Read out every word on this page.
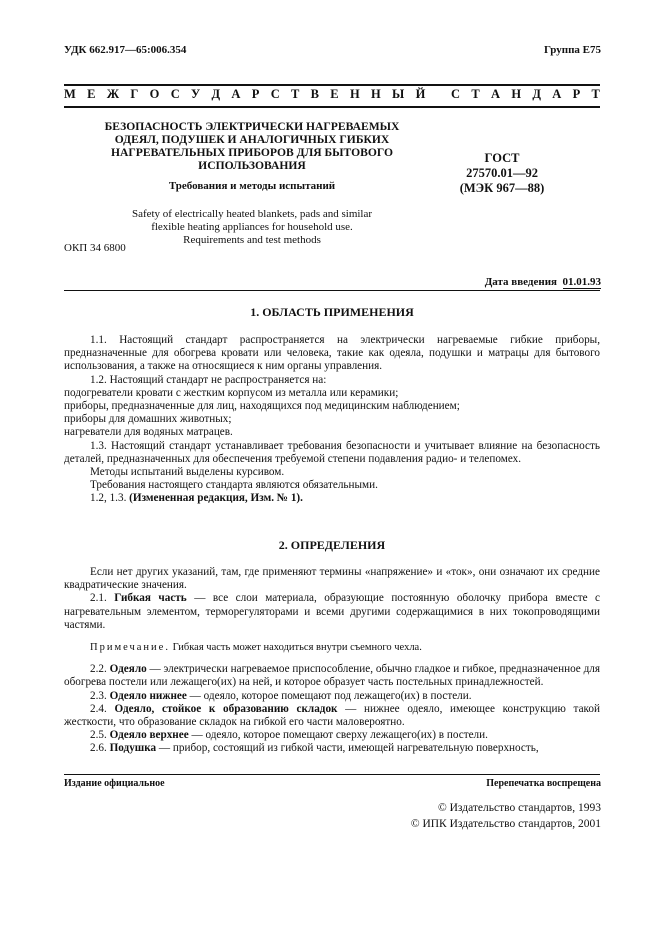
УДК 662.917—65:006.354	Группа Е75
М Е Ж Г О С У Д А Р С Т В Е Н Н Ы Й
С Т А Н Д А Р Т
БЕЗОПАСНОСТЬ ЭЛЕКТРИЧЕСКИ НАГРЕВАЕМЫХ
ОДЕЯЛ, ПОДУШЕК И АНАЛОГИЧНЫХ ГИБКИХ
НАГРЕВАТЕЛЬНЫХ ПРИБОРОВ ДЛЯ БЫТОВОГО
ИСПОЛЬЗОВАНИЯ
Требования и методы испытаний
ГОСТ
27570.01—92
(МЭК 967—88)
Safety of electrically heated blankets, pads and similar
flexible heating appliances for household use.
Requirements and test methods
ОКП 34 6800
Дата введения 01.01.93
1. ОБЛАСТЬ ПРИМЕНЕНИЯ
1.1. Настоящий стандарт распространяется на электрически нагреваемые гибкие приборы, предназначенные для обогрева кровати или человека, такие как одеяла, подушки и матрацы для бытового использования, а также на относящиеся к ним органы управления.
1.2. Настоящий стандарт не распространяется на:
подогреватели кровати с жестким корпусом из металла или керамики;
приборы, предназначенные для лиц, находящихся под медицинским наблюдением;
приборы для домашних животных;
нагреватели для водяных матрацев.
1.3. Настоящий стандарт устанавливает требования безопасности и учитывает влияние на безопасность деталей, предназначенных для обеспечения требуемой степени подавления радио- и телепомех.
Методы испытаний выделены курсивом.
Требования настоящего стандарта являются обязательными.
1.2, 1.3. (Измененная редакция, Изм. № 1).
2. ОПРЕДЕЛЕНИЯ
Если нет других указаний, там, где применяют термины «напряжение» и «ток», они означают их средние квадратические значения.
2.1. Гибкая часть — все слои материала, образующие постоянную оболочку прибора вместе с нагревательным элементом, терморегуляторами и всеми другими содержащимися в них токопроводящими частями.
Примечание. Гибкая часть может находиться внутри съемного чехла.
2.2. Одеяло — электрически нагреваемое приспособление, обычно гладкое и гибкое, предназначенное для обогрева постели или лежащего(их) на ней, и которое образует часть постельных принадлежностей.
2.3. Одеяло нижнее — одеяло, которое помещают под лежащего(их) в постели.
2.4. Одеяло, стойкое к образованию складок — нижнее одеяло, имеющее конструкцию такой жесткости, что образование складок на гибкой его части маловероятно.
2.5. Одеяло верхнее — одеяло, которое помещают сверху лежащего(их) в постели.
2.6. Подушка — прибор, состоящий из гибкой части, имеющей нагревательную поверхность,
Издание официальное	Перепечатка воспрещена
© Издательство стандартов, 1993
© ИПК Издательство стандартов, 2001
